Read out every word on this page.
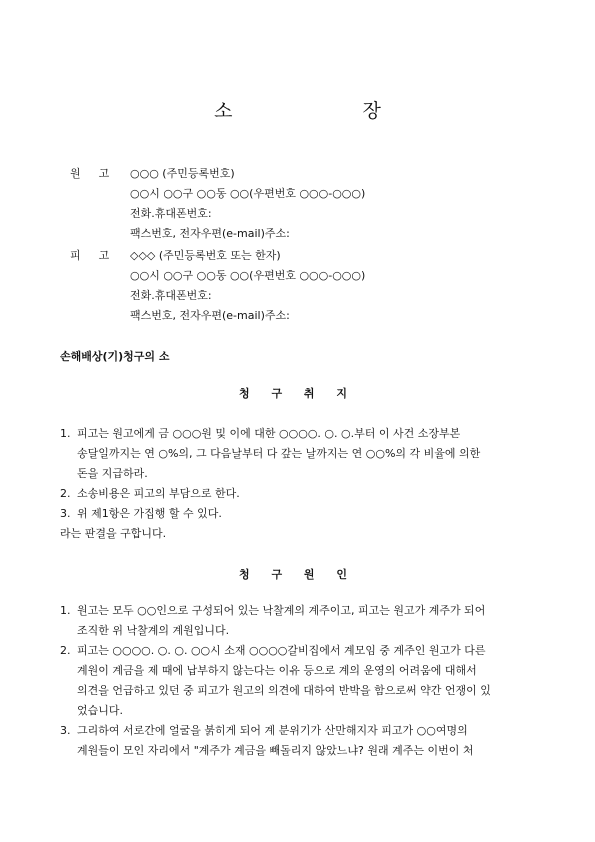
소 장
원고 ○○○ (주민등록번호)
○○시 ○○구 ○○동 ○○(우편번호 ○○○-○○○)
전화.휴대폰번호:
팩스번호, 전자우편(e-mail)주소:
피고 ◇◇◇ (주민등록번호 또는 한자)
○○시 ○○구 ○○동 ○○(우편번호 ○○○-○○○)
전화.휴대폰번호:
팩스번호, 전자우편(e-mail)주소:
손해배상(기)청구의 소
청 구 취 지
1. 피고는 원고에게 금 ○○○원 및 이에 대한 ○○○○. ○. ○.부터 이 사건 소장부본
송달일까지는 연 ○%의, 그 다음날부터 다 갚는 날까지는 연 ○○%의 각 비율에 의한
돈을 지급하라.
2. 소송비용은 피고의 부담으로 한다.
3. 위 제1항은 가집행 할 수 있다.
라는 판결을 구합니다.
청 구 원 인
1. 원고는 모두 ○○인으로 구성되어 있는 낙찰계의 계주이고, 피고는 원고가 계주가 되어
조직한 위 낙찰계의 계원입니다.
2. 피고는 ○○○○. ○. ○. ○○시 소재 ○○○○갈비집에서 계모임 중 계주인 원고가 다른
계원이 계금을 제 때에 납부하지 않는다는 이유 등으로 계의 운영의 어려움에 대해서
의견을 언급하고 있던 중 피고가 원고의 의견에 대하여 반박을 함으로써 약간 언쟁이 있
었습니다.
3. 그리하여 서로간에 얼굴을 붉히게 되어 계 분위기가 산만해지자 피고가 ○○여명의
계원들이 모인 자리에서 "계주가 계금을 빼돌리지 않았느냐? 원래 계주는 이번이 처
